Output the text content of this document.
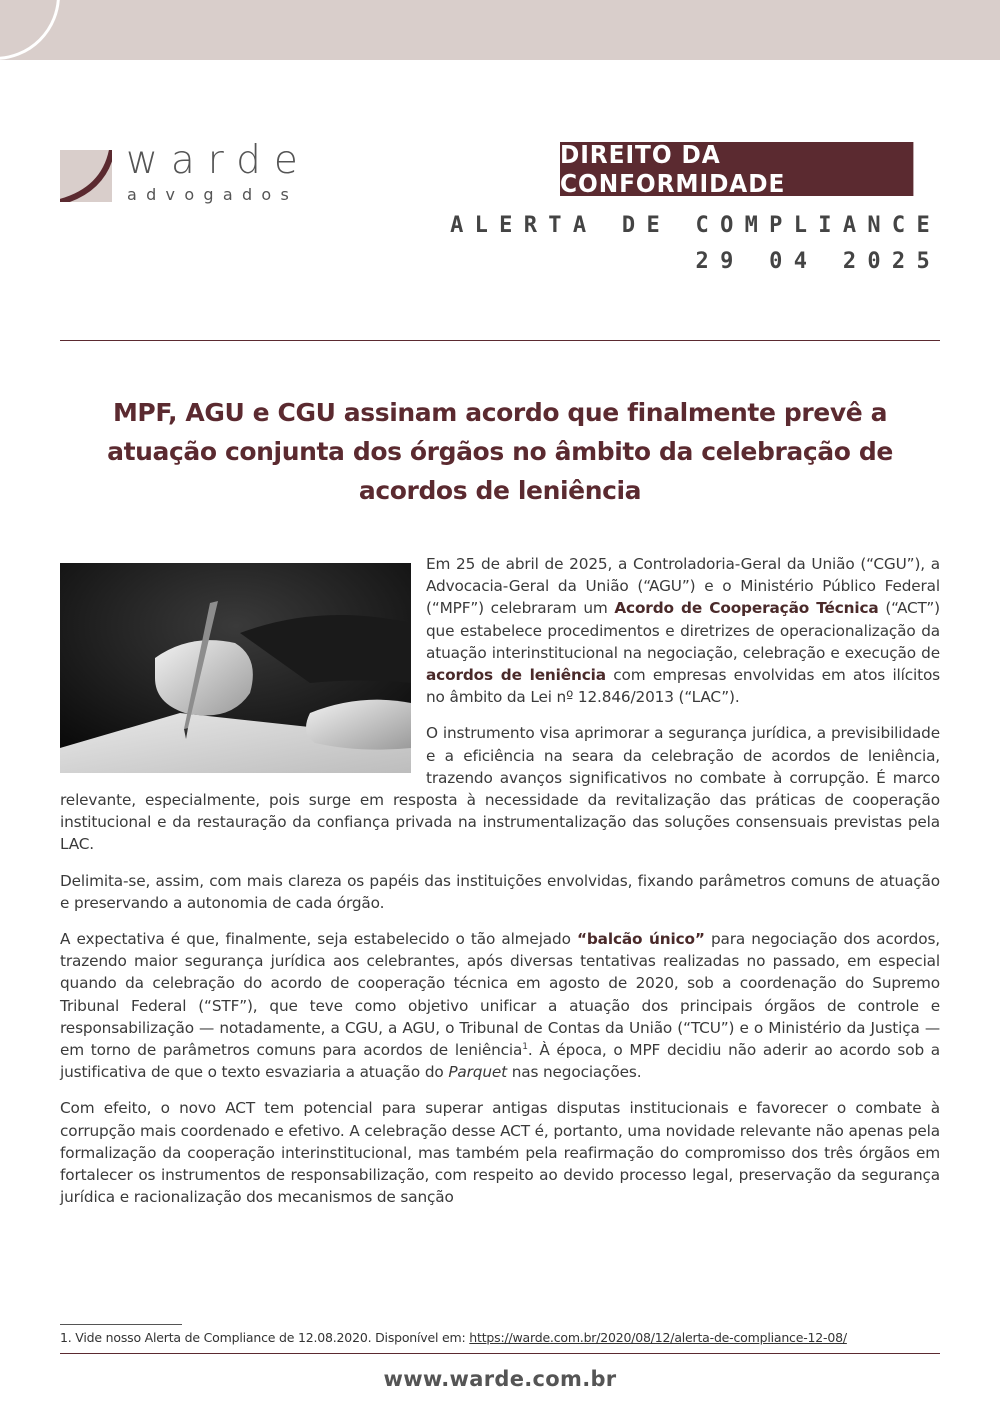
warde
advogados
DIREITO DA CONFORMIDADE
ALERTA DE COMPLIANCE
29 04 2025
MPF, AGU e CGU assinam acordo que finalmente prevê a atuação conjunta dos órgãos no âmbito da celebração de acordos de leniência

Em 25 de abril de 2025, a Controladoria-Geral da União (“CGU”), a Advocacia-Geral da União (“AGU”) e o Ministério Público Federal (“MPF”) celebraram um Acordo de Cooperação Técnica (“ACT”) que estabelece procedimentos e diretrizes de operacionalização da atuação interinstitucional na negociação, celebração e execução de acordos de leniência com empresas envolvidas em atos ilícitos no âmbito da Lei nº 12.846/2013 (“LAC”).

O instrumento visa aprimorar a segurança jurídica, a previsibilidade e a eficiência na seara da celebração de acordos de leniência, trazendo avanços significativos no combate à corrupção. É marco relevante, especialmente, pois surge em resposta à necessidade da revitalização das práticas de cooperação institucional e da restauração da confiança privada na instrumentalização das soluções consensuais previstas pela LAC.

Delimita-se, assim, com mais clareza os papéis das instituições envolvidas, fixando parâmetros comuns de atuação e preservando a autonomia de cada órgão.

A expectativa é que, finalmente, seja estabelecido o tão almejado “balcão único” para negociação dos acordos, trazendo maior segurança jurídica aos celebrantes, após diversas tentativas realizadas no passado, em especial quando da celebração do acordo de cooperação técnica em agosto de 2020, sob a coordenação do Supremo Tribunal Federal (“STF”), que teve como objetivo unificar a atuação dos principais órgãos de controle e responsabilização — notadamente, a CGU, a AGU, o Tribunal de Contas da União (“TCU”) e o Ministério da Justiça — em torno de parâmetros comuns para acordos de leniência$^1$. À época, o MPF decidiu não aderir ao acordo sob a justificativa de que o texto esvaziaria a atuação do Parquet nas negociações.

Com efeito, o novo ACT tem potencial para superar antigas disputas institucionais e favorecer o combate à corrupção mais coordenado e efetivo. A celebração desse ACT é, portanto, uma novidade relevante não apenas pela formalização da cooperação interinstitucional, mas também pela reafirmação do compromisso dos três órgãos em fortalecer os instrumentos de responsabilização, com respeito ao devido processo legal, preservação da segurança jurídica e racionalização dos mecanismos de sanção

1. Vide nosso Alerta de Compliance de 12.08.2020. Disponível em: https://warde.com.br/2020/08/12/alerta-de-compliance-12-08/
www.warde.com.br
